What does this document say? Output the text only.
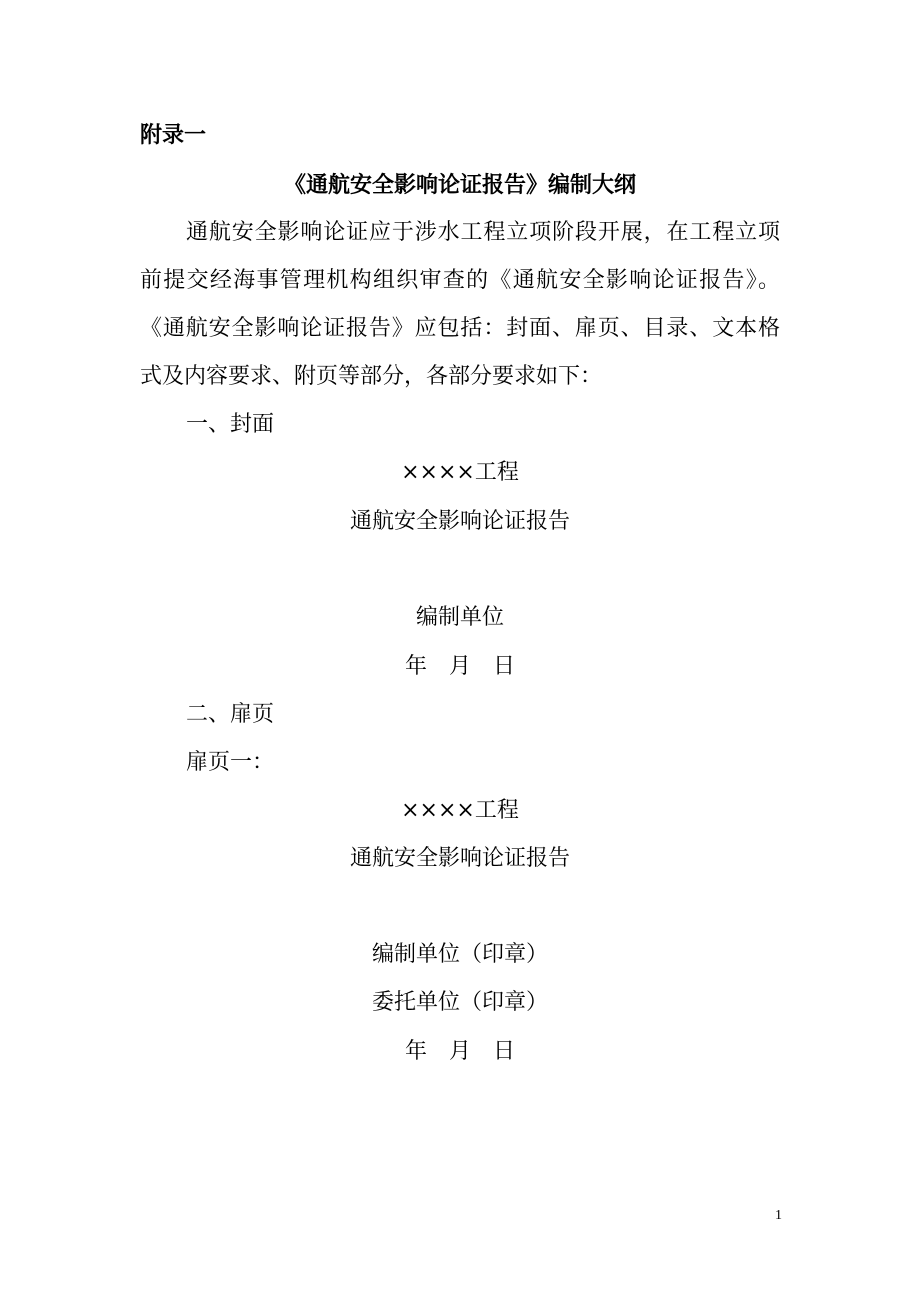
附录一
《通航安全影响论证报告》编制大纲
通航安全影响论证应于涉水工程立项阶段开展，在工程立项
前提交经海事管理机构组织审查的《通航安全影响论证报告》。
《通航安全影响论证报告》应包括：封面、扉页、目录、文本格
式及内容要求、附页等部分，各部分要求如下：
一、封面
××××工程
通航安全影响论证报告
编制单位
年　月　日
二、扉页
扉页一：
××××工程
通航安全影响论证报告
编制单位（印章）
委托单位（印章）
年　月　日
1
